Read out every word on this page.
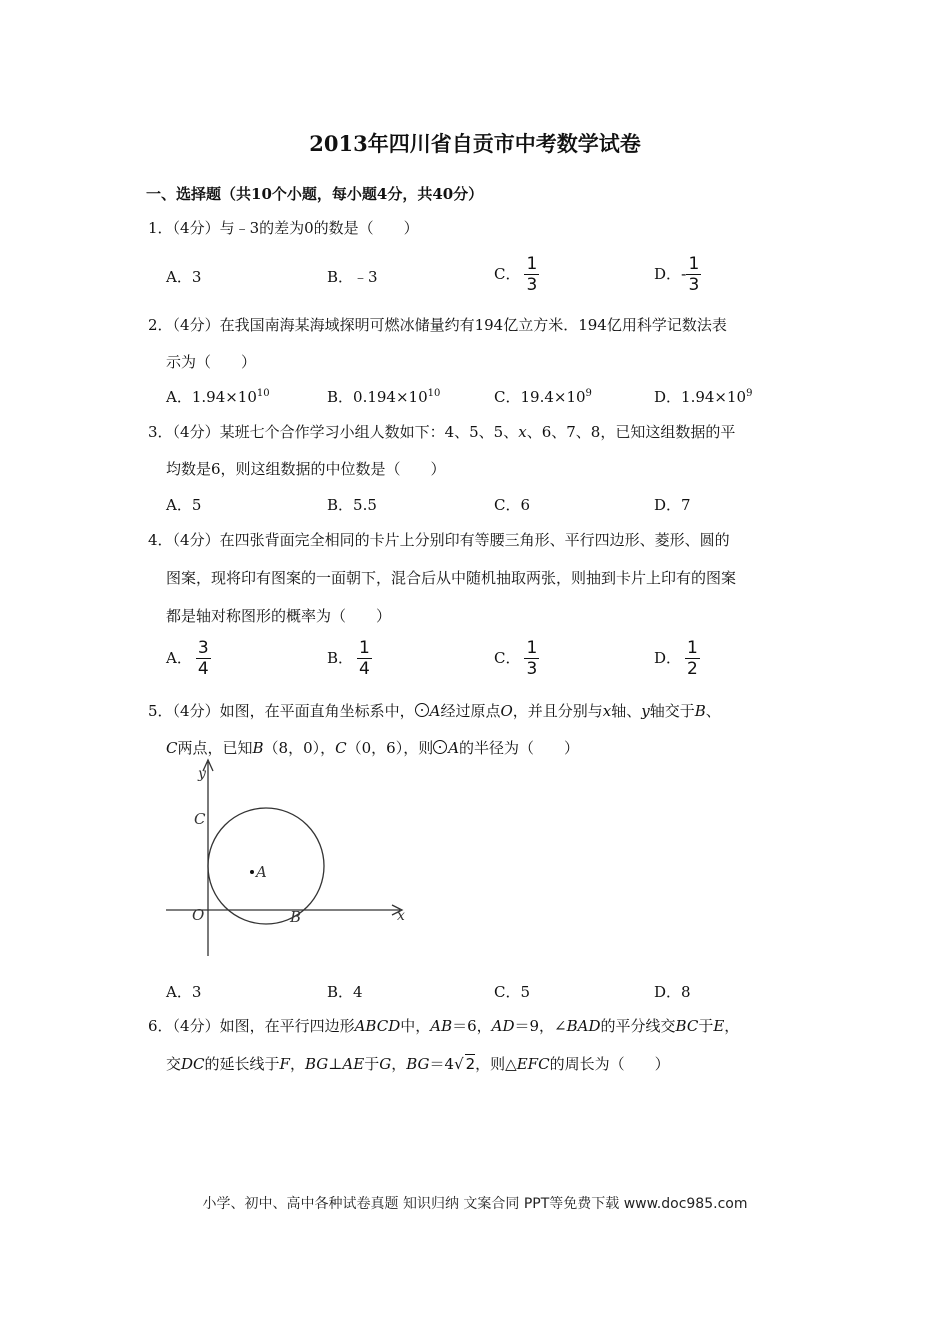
2013年四川省自贡市中考数学试卷
一、选择题（共10个小题，每小题4分，共40分）
1．（4分）与﹣3的差为0的数是（　　）
A．3	B．﹣3	C． $\frac{1}{3}$	D．- $\frac{1}{3}$
2．（4分）在我国南海某海域探明可燃冰储量约有194亿立方米．194亿用科学记数法表
示为（　　）
A．$1.94\times 10^{10}$	B．$0.194\times 10^{10}$	C．$19.4\times 10^9$	D．$1.94\times 10^9$
3．（4分）某班七个合作学习小组人数如下：4、5、5、x、6、7、8，已知这组数据的平
均数是6，则这组数据的中位数是（　　）
A．5	B．5.5	C．6	D．7
4．（4分）在四张背面完全相同的卡片上分别印有等腰三角形、平行四边形、菱形、圆的
图案，现将印有图案的一面朝下，混合后从中随机抽取两张，则抽到卡片上印有的图案
都是轴对称图形的概率为（　　）
A． $\frac{3}{4}$	B． $\frac{1}{4}$	C． $\frac{1}{3}$	D． $\frac{1}{2}$
5．（4分）如图，在平面直角坐标系中， A经过原点O，并且分别与x轴、y轴交于B、
C两点，已知B（8，0），C（0，6），则 A的半径为（　　）
y
x
C
A
O	B
A．3	B．4	C．5	D．8
6．（4分）如图，在平行四边形ABCD中，AB＝6，AD＝9，∠BAD的平分线交BC于E，
交DC的延长线于F，BG⊥AE于G，BG＝4√ 2，则△EFC的周长为（　　）
小学、初中、高中各种试卷真题 知识归纳 文案合同 PPT等免费下载 www.doc985.com
